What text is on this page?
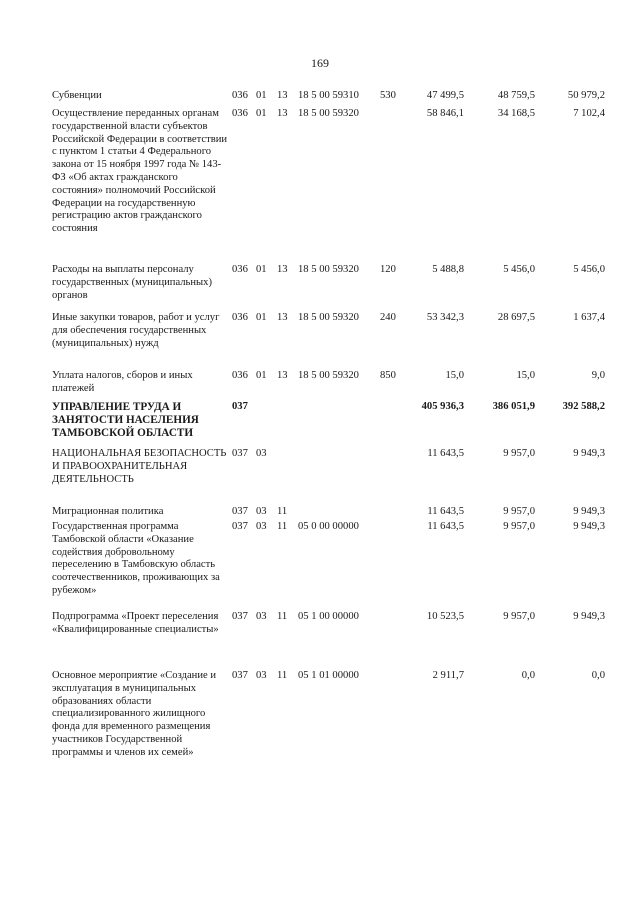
169
Субвенции	036 01 13 18 5 00 59310 530	47 499,5	48 759,5	50 979,2
Осуществление переданных органам государственной власти субъектов Российской Федерации в соответствии с пунктом 1 статьи 4 Федерального закона от 15 ноября 1997 года № 143-ФЗ «Об актах гражданского состояния» полномочий Российской Федерации на государственную регистрацию актов гражданского состояния
036 01 13 18 5 00 59320	58 846,1	34 168,5	7 102,4
Расходы на выплаты персоналу государственных (муниципальных) органов
036 01 13 18 5 00 59320 120	5 488,8	5 456,0	5 456,0
Иные закупки товаров, работ и услуг для обеспечения государственных (муниципальных) нужд
036 01 13 18 5 00 59320 240	53 342,3	28 697,5	1 637,4
Уплата налогов, сборов и иных платежей
036 01 13 18 5 00 59320 850	15,0	15,0	9,0
УПРАВЛЕНИЕ ТРУДА И ЗАНЯТОСТИ НАСЕЛЕНИЯ ТАМБОВСКОЙ ОБЛАСТИ
037	405 936,3	386 051,9	392 588,2
НАЦИОНАЛЬНАЯ БЕЗОПАСНОСТЬ И ПРАВООХРАНИТЕЛЬНАЯ ДЕЯТЕЛЬНОСТЬ
037 03	11 643,5	9 957,0	9 949,3
Миграционная политика	037 03 11	11 643,5	9 957,0	9 949,3
Государственная программа Тамбовской области «Оказание содействия добровольному переселению в Тамбовскую область соотечественников, проживающих за рубежом»
037 03 11 05 0 00 00000	11 643,5	9 957,0	9 949,3
Подпрограмма «Проект переселения «Квалифицированные специалисты»
037 03 11 05 1 00 00000	10 523,5	9 957,0	9 949,3
Основное мероприятие «Создание и эксплуатация в муниципальных образованиях области специализированного жилищного фонда для временного размещения участников Государственной программы и членов их семей»
037 03 11 05 1 01 00000	2 911,7	0,0	0,0
